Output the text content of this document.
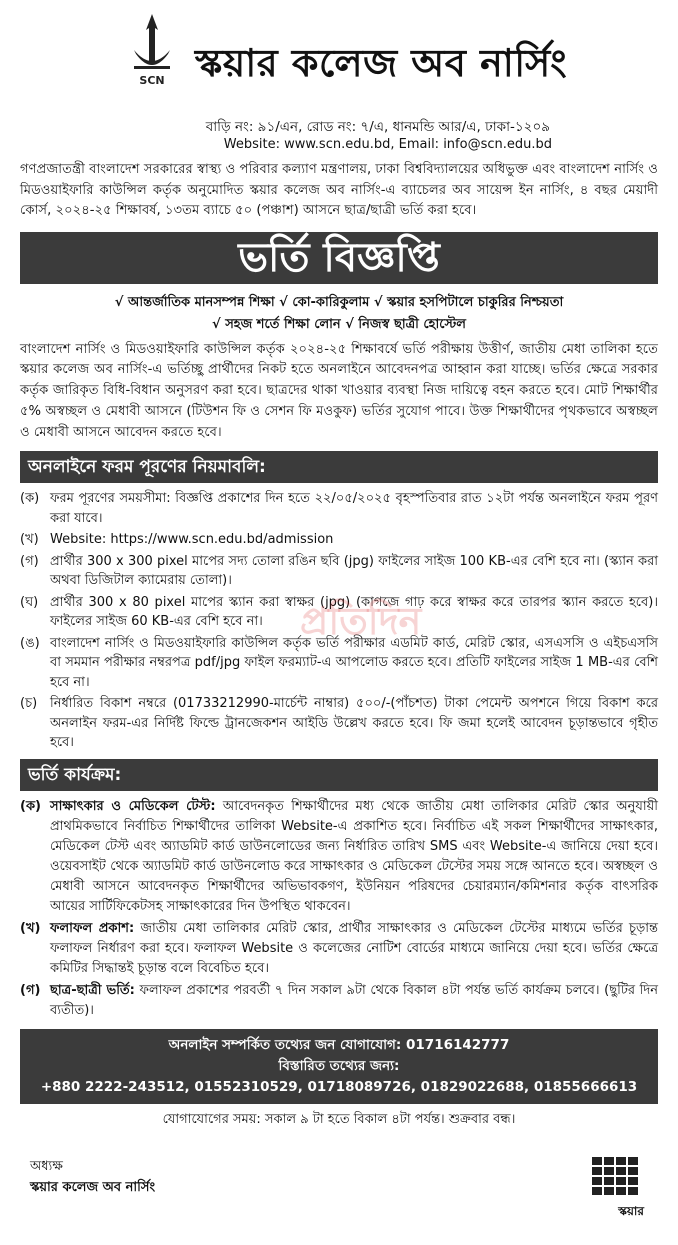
SCN স্কয়ার কলেজ অব নার্সিং
বাড়ি নং: ৯১/এন, রোড নং: ৭/এ, ধানমন্ডি আর/এ, ঢাকা-১২০৯
Website: www.scn.edu.bd, Email: info@scn.edu.bd

গণপ্রজাতন্ত্রী বাংলাদেশ সরকারের স্বাস্থ্য ও পরিবার কল্যাণ মন্ত্রণালয়, ঢাকা বিশ্ববিদ্যালয়ের অধিভুক্ত এবং বাংলাদেশ নার্সিং ও মিডওয়াইফারি কাউন্সিল কর্তৃক অনুমোদিত স্কয়ার কলেজ অব নার্সিং-এ ব্যাচেলর অব সায়েন্স ইন নার্সিং, ৪ বছর মেয়াদী কোর্স, ২০২৪-২৫ শিক্ষাবর্ষ, ১৩তম ব্যাচে ৫০ (পঞ্চাশ) আসনে ছাত্র/ছাত্রী ভর্তি করা হবে।

ভর্তি বিজ্ঞপ্তি
√ আন্তর্জাতিক মানসম্পন্ন শিক্ষা √ কো-কারিকুলাম √ স্কয়ার হসপিটালে চাকুরির নিশ্চয়তা
√ সহজ শর্তে শিক্ষা লোন √ নিজস্ব ছাত্রী হোস্টেল

বাংলাদেশ নার্সিং ও মিডওয়াইফারি কাউন্সিল কর্তৃক ২০২৪-২৫ শিক্ষাবর্ষে ভর্তি পরীক্ষায় উত্তীর্ণ, জাতীয় মেধা তালিকা হতে স্কয়ার কলেজ অব নার্সিং-এ ভর্তিচ্ছু প্রার্থীদের নিকট হতে অনলাইনে আবেদনপত্র আহ্বান করা যাচ্ছে। ভর্তির ক্ষেত্রে সরকার কর্তৃক জারিকৃত বিধি-বিধান অনুসরণ করা হবে। ছাত্রদের থাকা খাওয়ার ব্যবস্থা নিজ দায়িত্বে বহন করতে হবে। মোট শিক্ষার্থীর ৫% অস্বচ্ছল ও মেধাবী আসনে (টিউশন ফি ও সেশন ফি মওকুফ) ভর্তির সুযোগ পাবে। উক্ত শিক্ষার্থীদের পৃথকভাবে অস্বচ্ছল ও মেধাবী আসনে আবেদন করতে হবে।

অনলাইনে ফরম পূরণের নিয়মাবলি:
(ক) ফরম পূরণের সময়সীমা: বিজ্ঞপ্তি প্রকাশের দিন হতে ২২/০৫/২০২৫ বৃহস্পতিবার রাত ১২টা পর্যন্ত অনলাইনে ফরম পূরণ করা যাবে।
(খ) Website: https://www.scn.edu.bd/admission
(গ) প্রার্থীর 300 x 300 pixel মাপের সদ্য তোলা রঙিন ছবি (jpg) ফাইলের সাইজ 100 KB-এর বেশি হবে না। (স্ক্যান করা অথবা ডিজিটাল ক্যামেরায় তোলা)।
(ঘ) প্রার্থীর 300 x 80 pixel মাপের স্ক্যান করা স্বাক্ষর (jpg) (কাগজে গাঢ় করে স্বাক্ষর করে তারপর স্ক্যান করতে হবে)। ফাইলের সাইজ 60 KB-এর বেশি হবে না।
(ঙ) বাংলাদেশ নার্সিং ও মিডওয়াইফারি কাউন্সিল কর্তৃক ভর্তি পরীক্ষার এডমিট কার্ড, মেরিট স্কোর, এসএসসি ও এইচএসসি বা সমমান পরীক্ষার নম্বরপত্র pdf/jpg ফাইল ফরম্যাট-এ আপলোড করতে হবে। প্রতিটি ফাইলের সাইজ 1 MB-এর বেশি হবে না।
(চ) নির্ধারিত বিকাশ নম্বরে (01733212990-মার্চেন্ট নাম্বার) ৫০০/-(পাঁচশত) টাকা পেমেন্ট অপশনে গিয়ে বিকাশ করে অনলাইন ফরম-এর নির্দিষ্ট ফিল্ডে ট্রানজেকশন আইডি উল্লেখ করতে হবে। ফি জমা হলেই আবেদন চূড়ান্তভাবে গৃহীত হবে।
প্রতিদিন
ভর্তি কার্যক্রম:
(ক) সাক্ষাৎকার ও মেডিকেল টেস্ট: আবেদনকৃত শিক্ষার্থীদের মধ্য থেকে জাতীয় মেধা তালিকার মেরিট স্কোর অনুযায়ী প্রাথমিকভাবে নির্বাচিত শিক্ষার্থীদের তালিকা Website-এ প্রকাশিত হবে। নির্বাচিত এই সকল শিক্ষার্থীদের সাক্ষাৎকার, মেডিকেল টেস্ট এবং অ্যাডমিট কার্ড ডাউনলোডের জন্য নির্ধারিত তারিখ SMS এবং Website-এ জানিয়ে দেয়া হবে। ওয়েবসাইট থেকে অ্যাডমিট কার্ড ডাউনলোড করে সাক্ষাৎকার ও মেডিকেল টেস্টের সময় সঙ্গে আনতে হবে। অস্বচ্ছল ও মেধাবী আসনে আবেদনকৃত শিক্ষার্থীদের অভিভাবকগণ, ইউনিয়ন পরিষদের চেয়ারম্যান/কমিশনার কর্তৃক বাৎসরিক আয়ের সার্টিফিকেটসহ সাক্ষাৎকারের দিন উপস্থিত থাকবেন।
(খ) ফলাফল প্রকাশ: জাতীয় মেধা তালিকার মেরিট স্কোর, প্রার্থীর সাক্ষাৎকার ও মেডিকেল টেস্টের মাধ্যমে ভর্তির চূড়ান্ত ফলাফল নির্ধারণ করা হবে। ফলাফল Website ও কলেজের নোটিশ বোর্ডের মাধ্যমে জানিয়ে দেয়া হবে। ভর্তির ক্ষেত্রে কমিটির সিদ্ধান্তই চূড়ান্ত বলে বিবেচিত হবে।
(গ) ছাত্র-ছাত্রী ভর্তি: ফলাফল প্রকাশের পরবর্তী ৭ দিন সকাল ৯টা থেকে বিকাল ৪টা পর্যন্ত ভর্তি কার্যক্রম চলবে। (ছুটির দিন ব্যতীত)।
অনলাইন সম্পর্কিত তথ্যের জন যোগাযোগ: 01716142777
বিস্তারিত তথ্যের জন্য:
+880 2222-243512, 01552310529, 01718089726, 01829022688, 01855666613
যোগাযোগের সময়: সকাল ৯ টা হতে বিকাল ৪টা পর্যন্ত। শুক্রবার বন্ধ।
অধ্যক্ষ
স্কয়ার কলেজ অব নার্সিং
স্কয়ার
